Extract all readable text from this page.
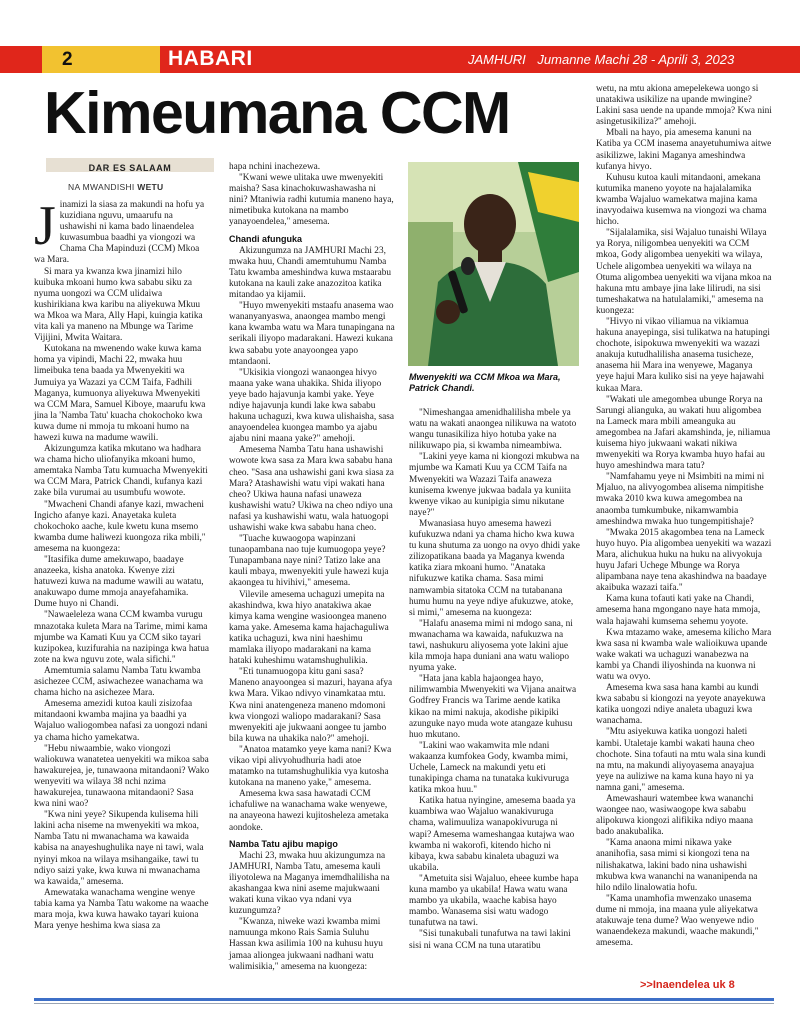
2	HABARI	JAMHURI Jumanne Machi 28 - Aprili 3, 2023
Kimeumana CCM
DAR ES SALAAM
NA MWANDISHI WETU

Jinamizi la siasa za makundi na hofu ya kuzidiana nguvu, umaarufu na ushawishi ni kama bado linaendelea kuwasumbua baadhi ya viongozi wa Chama Cha Mapinduzi (CCM) Mkoa wa Mara.

Si mara ya kwanza kwa jinamizi hilo kuibuka mkoani humo kwa sababu siku za nyuma uongozi wa CCM ulidaiwa kushirikiana kwa karibu na aliyekuwa Mkuu wa Mkoa wa Mara, Ally Hapi, kuingia katika vita kali ya maneno na Mbunge wa Tarime Vijijini, Mwita Waitara.

Kutokana na mwenendo wake kuwa kama homa ya vipindi, Machi 22, mwaka huu limeibuka tena baada ya Mwenyekiti wa Jumuiya ya Wazazi ya CCM Taifa, Fadhili Maganya, kumuonya aliyekuwa Mwenyekiti wa CCM Mara, Samuel Kiboye, maarufu kwa jina la 'Namba Tatu' kuacha chokochoko kwa kuwa dume ni mmoja tu mkoani humo na hawezi kuwa na madume wawili.

Akizungumza katika mkutano wa hadhara wa chama hicho uliofanyika mkoani humo, amemtaka Namba Tatu kumuacha Mwenyekiti wa CCM Mara, Patrick Chandi, kufanya kazi zake bila vurumai au usumbufu wowote.

"Mwacheni Chandi afanye kazi, mwacheni Ingicho afanye kazi. Anayetaka kuleta chokochoko aache, kule kwetu kuna msemo kwamba dume haliwezi kuongoza rika mbili," amesema na kuongeza:

"Itasifika dume amekuwapo, baadaye anazeeka, kisha anatoka. Kwenye zizi hatuwezi kuwa na madume wawili au watatu, anakuwapo dume mmoja anayefahamika. Dume huyo ni Chandi.

"Nawaeleleza wana CCM kwamba vurugu mnazotaka kuleta Mara na Tarime, mimi kama mjumbe wa Kamati Kuu ya CCM siko tayari kuzipokea, kuzifurahia na nazipinga kwa hatua zote na kwa nguvu zote, wala sifichi."

Amemtumia salamu Namba Tatu kwamba asichezee CCM, asiwachezee wanachama wa chama hicho na asichezee Mara.

Amesema amezidi kutoa kauli zisizofaa mitandaoni kwamba majina ya baadhi ya Wajaluo waliogombea nafasi za uongozi ndani ya chama hicho yamekatwa.

"Hebu niwaambie, wako viongozi waliokuwa wanatetea uenyekiti wa mikoa saba hawakurejea, je, tunawaona mitandaoni? Wako wenyeviti wa wilaya 38 nchi nzima hawakurejea, tunawaona mitandaoni? Sasa kwa nini wao?

"Kwa nini yeye? Sikupenda kulisema hili lakini acha niseme na mwenyekiti wa mkoa, Namba Tatu ni mwanachama wa kawaida kabisa na anayeshughulika naye ni tawi, wala nyinyi mkoa na wilaya msihangaike, tawi tu ndiyo saizi yake, kwa kuwa ni mwanachama wa kawaida," amesema.

Amewataka wanachama wengine wenye tabia kama ya Namba Tatu wakome na waache mara moja, kwa kuwa hawako tayari kuiona Mara yenye heshima kwa siasa za

hapa nchini inachezewa.

"Kwani wewe ulitaka uwe mwenyekiti maisha? Sasa kinachokuwashawasha ni nini? Mtaniwia radhi kutumia maneno haya, nimetibuka kutokana na mambo yanayoendelea," amesema.

Chandi afunguka

Akizungumza na JAMHURI Machi 23, mwaka huu, Chandi amemtuhumu Namba Tatu kwamba ameshindwa kuwa mstaarabu kutokana na kauli zake anazozitoa katika mitandao ya kijamii.

"Huyo mwenyekiti mstaafu anasema wao wananyanyaswa, anaongea mambo mengi kana kwamba watu wa Mara tunapingana na serikali iliyopo madarakani. Hawezi kukana kwa sababu yote anayoongea yapo mtandaoni.

"Ukisikia viongozi wanaongea hivyo maana yake wana uhakika. Shida iliyopo yeye bado hajavunja kambi yake. Yeye ndiye hajavunja kundi lake kwa sababu hakuna uchaguzi, kwa kuwa ulishaisha, sasa anayoendelea kuongea mambo ya ajabu ajabu nini maana yake?" amehoji.

Amesema Namba Tatu hana ushawishi wowote kwa sasa za Mara kwa sababu hana cheo. "Sasa ana ushawishi gani kwa siasa za Mara? Atashawishi watu vipi wakati hana cheo? Ukiwa hauna nafasi unaweza kushawishi watu? Ukiwa na cheo ndiyo una nafasi ya kushawishi watu, wala hatuogopi ushawishi wake kwa sababu hana cheo.

"Tuache kuwaogopa wapinzani tunaopambana nao tuje kumuogopa yeye? Tunapambana naye nini? Tatizo lake ana kauli mbaya, mwenyekiti yule hawezi kuja akaongea tu hivihivi," amesema.

Vilevile amesema uchaguzi umepita na akashindwa, kwa hiyo anatakiwa akae kimya kama wengine wasioongea maneno kama yake. Amesema kama hajachaguliwa katika uchaguzi, kwa nini haeshimu mamlaka iliyopo madarakani na kama hataki kuheshimu watamshughulikia.

"Eti tunamuogopa kitu gani sasa? Maneno anayoongea si mazuri, hayana afya kwa Mara. Vikao ndivyo vinamkataa mtu. Kwa nini anatengeneza maneno mdomoni kwa viongozi waliopo madarakani? Sasa mwenyekiti aje jukwaani aongee tu jambo bila kuwa na uhakika nalo?" amehoji.

"Anatoa matamko yeye kama nani? Kwa vikao vipi alivyohudhuria hadi atoe matamko na tutamshughulikia vya kutosha kutokana na maneno yake," amesema.

Amesema kwa sasa hawatadi CCM ichafuliwe na wanachama wake wenyewe, na anayeona hawezi kujitosheleza ametaka aondoke.

Namba Tatu ajibu mapigo

Machi 23, mwaka huu akizungumza na JAMHURI, Namba Tatu, amesema kauli iliyotolewa na Maganya imemdhalilisha na akashangaa kwa nini aseme majukwaani wakati kuna vikao vya ndani vya kuzungumza?

"Kwanza, niweke wazi kwamba mimi namuunga mkono Rais Samia Suluhu Hassan kwa asilimia 100 na kuhusu huyu jamaa aliongea jukwaani nadhani watu walimisikia," amesema na kuongeza:

Mwenyekiti wa CCM Mkoa wa Mara, Patrick Chandi.

"Nimeshangaa amenidhalilisha mbele ya watu na wakati anaongea nilikuwa na watoto wangu tunasikiliza hiyo hotuba yake na nilikuwapo pia, si kwamba nimeambiwa.

"Lakini yeye kama ni kiongozi mkubwa na mjumbe wa Kamati Kuu ya CCM Taifa na Mwenyekiti wa Wazazi Taifa anaweza kunisema kwenye jukwaa badala ya kuniita kwenye vikao au kunipigia simu nikutane naye?"

Mwanasiasa huyo amesema hawezi kufukuzwa ndani ya chama hicho kwa kuwa tu kuna shutuma za uongo na ovyo dhidi yake zilizopatikana baada ya Maganya kwenda katika ziara mkoani humo. "Anataka nifukuzwe katika chama. Sasa mimi namwambia sitatoka CCM na tutabanana humu humu na yeye ndiye afukuzwe, atoke, si mimi," amesema na kuongeza:

"Halafu anasema mimi ni mdogo sana, ni mwanachama wa kawaida, nafukuzwa na tawi, nashukuru aliyosema yote lakini ajue kila mmoja hapa duniani ana watu waliopo nyuma yake.

"Hata jana kabla hajaongea hayo, nilimwambia Mwenyekiti wa Vijana anaitwa Godfrey Francis wa Tarime aende katika kikao na mimi nakuja, akodishe pikipiki azunguke nayo muda wote atangaze kuhusu huo mkutano.

"Lakini wao wakamwita mle ndani wakaanza kumfokea Gody, kwamba mimi, Uchele, Lameck na makundi yetu eti tunakipinga chama na tunataka kukivuruga katika mkoa huu."

Katika hatua nyingine, amesema baada ya kuambiwa wao Wajaluo wanakivuruga chama, walimuuliza wanapokivuruga ni wapi? Amesema wameshangaa kutajwa wao kwamba ni wakorofi, kitendo hicho ni kibaya, kwa sababu kinaleta ubaguzi wa ukabila.

"Ametuita sisi Wajaluo, eheee kumbe hapa kuna mambo ya ukabila! Hawa watu wana mambo ya ukabila, waache kabisa hayo mambo. Wanasema sisi watu wadogo tunafutwa na tawi.

"Sisi tunakubali tunafutwa na tawi lakini sisi ni wana CCM na tuna utaratibu

wetu, na mtu akiona amepelekewa uongo si unatakiwa usikilize na upande mwingine? Lakini sasa uende na upande mmoja? Kwa nini asingetusikiliza?" amehoji.

Mbali na hayo, pia amesema kanuni na Katiba ya CCM inasema anayetuhumiwa aitwe asikilizwe, lakini Maganya ameshindwa kufanya hivyo.

Kuhusu kutoa kauli mitandaoni, amekana kutumika maneno yoyote na hajalalamika kwamba Wajaluo wamekatwa majina kama inavyodaiwa kusemwa na viongozi wa chama hicho.

"Sijalalamika, sisi Wajaluo tunaishi Wilaya ya Rorya, niligombea uenyekiti wa CCM mkoa, Gody aligombea uenyekiti wa wilaya, Uchele aligombea uenyekiti wa wilaya na Otuma aligombea uenyekiti wa vijana mkoa na hakuna mtu ambaye jina lake lilirudi, na sisi tumeshakatwa na hatulalamiki," amesema na kuongeza:

"Hivyo ni vikao viliamua na vikiamua hakuna anayepinga, sisi tulikatwa na hatupingi chochote, isipokuwa mwenyekiti wa wazazi anakuja kutudhalilisha anasema tusicheze, anasema hii Mara ina wenyewe, Maganya yeye hajui Mara kuliko sisi na yeye hajawahi kukaa Mara.

"Wakati ule amegombea ubunge Rorya na Sarungi alianguka, au wakati huu aligombea na Lameck mara mbili ameanguka au amegombea na Jafari akamshinda, je, niliamua kuisema hiyo jukwaani wakati nikiwa mwenyekiti wa Rorya kwamba huyo hafai au huyo ameshindwa mara tatu?

"Namfahamu yeye ni Msimbiti na mimi ni Mjaluo, na alivyogombea alisema nimpitishe mwaka 2010 kwa kuwa amegombea na anaomba tumkumbuke, nikamwambia ameshindwa mwaka huo tungempitishaje?

"Mwaka 2015 akagombea tena na Lameck huyo huyo. Pia aligombea uenyekiti wa wazazi Mara, alichukua huku na huku na alivyokuja huyu Jafari Uchege Mbunge wa Rorya alipambana naye tena akashindwa na baadaye akaibuka wazazi taifa."

Kama kuna tofauti kati yake na Chandi, amesema hana mgongano naye hata mmoja, wala hajawahi kumsema sehemu yoyote.

Kwa mtazamo wake, amesema kilicho Mara kwa sasa ni kwamba wale walioikuwa upande wake wakati wa uchaguzi wanabezwa na kambi ya Chandi iliyoshinda na kuonwa ni watu wa ovyo.

Amesema kwa sasa hana kambi au kundi kwa sababu si kiongozi na yeyote anayekuwa katika uongozi ndiye analeta ubaguzi kwa wanachama.

"Mtu asiyekuwa katika uongozi haleti kambi. Utaletaje kambi wakati hauna cheo chochote. Sina tofauti na mtu wala sina kundi na mtu, na makundi aliyoyasema anayajua yeye na auliziwe na kama kuna hayo ni ya namna gani," amesema.

Amewashauri watembee kwa wananchi waongee nao, wasiwaogope kwa sababu alipokuwa kiongozi alifikika ndiyo maana bado anakubalika.

"Kama anaona mimi nikawa yake ananihofia, sasa mimi si kiongozi tena na nilishakatwa, lakini bado nina ushawishi mkubwa kwa wananchi na wananipenda na hilo ndilo linalowatia hofu.

"Kama unamhofia mwenzako unasema dume ni mmoja, ina maana yule aliyekatwa atakuwaje tena dume? Wao wenyewe ndio wanaendekeza makundi, waache makundi," amesema.

>>Inaendelea uk 8
